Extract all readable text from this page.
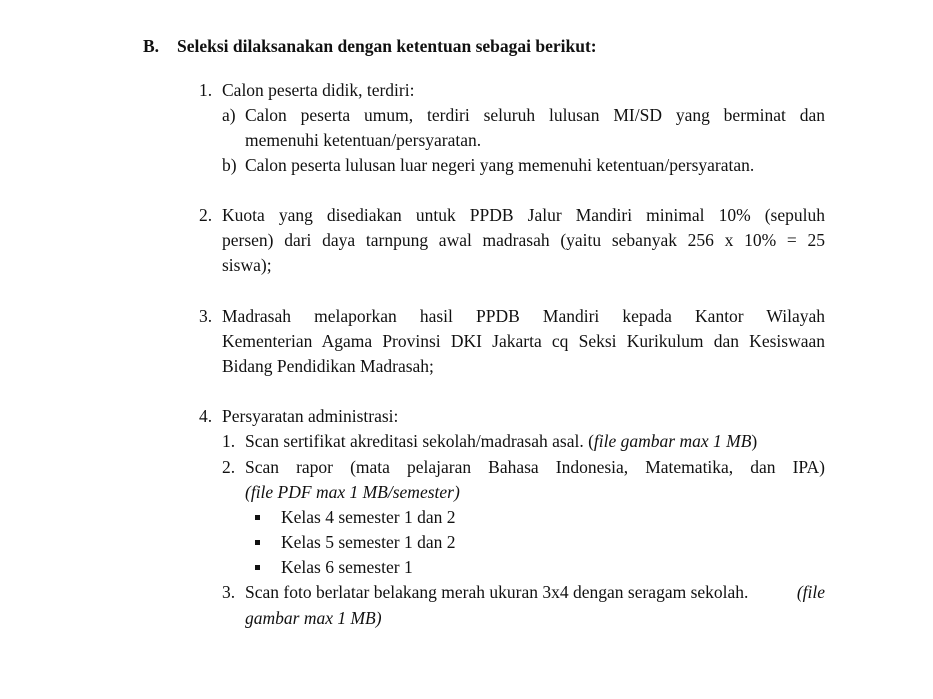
B. Seleksi dilaksanakan dengan ketentuan sebagai berikut:
1. Calon peserta didik, terdiri:
a) Calon peserta umum, terdiri seluruh lulusan MI/SD yang berminat dan
memenuhi ketentuan/persyaratan.
b) Calon peserta lulusan luar negeri yang memenuhi ketentuan/persyaratan.
2. Kuota yang disediakan untuk PPDB Jalur Mandiri minimal 10% (sepuluh
persen) dari daya tarnpung awal madrasah (yaitu sebanyak 256 x 10% = 25
siswa);
3. Madrasah melaporkan hasil PPDB Mandiri kepada Kantor Wilayah
Kementerian Agama Provinsi DKI Jakarta cq Seksi Kurikulum dan Kesiswaan
Bidang Pendidikan Madrasah;
4. Persyaratan administrasi:
1. Scan sertifikat akreditasi sekolah/madrasah asal. (file gambar max 1 MB)
2. Scan rapor (mata pelajaran Bahasa Indonesia, Matematika, dan IPA)
(file PDF max 1 MB/semester)
Kelas 4 semester 1 dan 2
Kelas 5 semester 1 dan 2
Kelas 6 semester 1
3. Scan foto berlatar belakang merah ukuran 3x4 dengan seragam sekolah.	(file
gambar max 1 MB)
